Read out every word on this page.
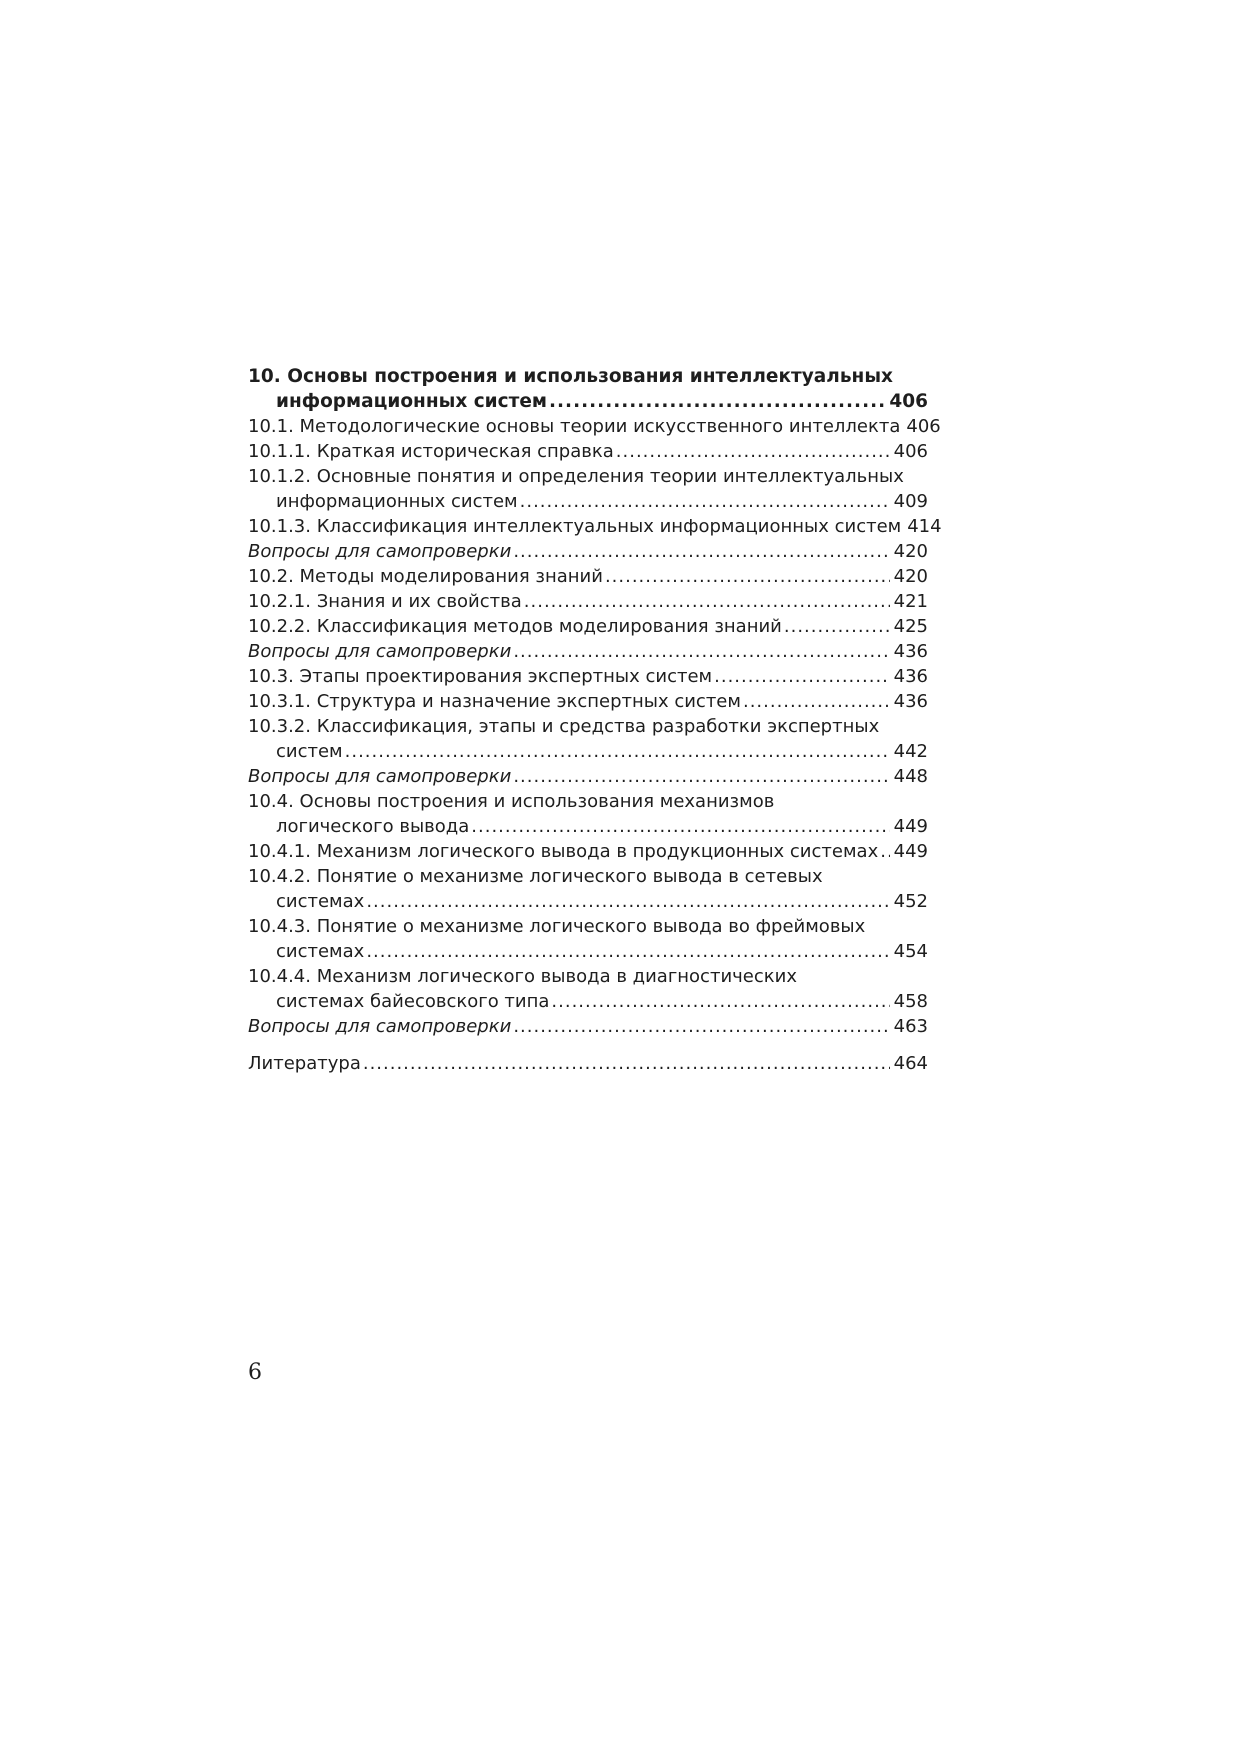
10. Основы построения и использования интеллектуальных
информационных систем .....	406
10.1. Методологические основы теории искусственного интеллекта 406
10.1.1. Краткая историческая справка .....	406
10.1.2. Основные понятия и определения теории интеллектуальных
информационных систем .....	409
10.1.3. Классификация интеллектуальных информационных систем 414
Вопросы для самопроверки .....	420
10.2. Методы моделирования знаний .....	420
10.2.1. Знания и их свойства .....	421
10.2.2. Классификация методов моделирования знаний .....	425
Вопросы для самопроверки .....	436
10.3. Этапы проектирования экспертных систем .....	436
10.3.1. Структура и назначение экспертных систем .....	436
10.3.2. Классификация, этапы и средства разработки экспертных
систем .....	442
Вопросы для самопроверки .....	448
10.4. Основы построения и использования механизмов
логического вывода .....	449
10.4.1. Механизм логического вывода в продукционных системах ..... 449
10.4.2. Понятие о механизме логического вывода в сетевых
системах .....	452
10.4.3. Понятие о механизме логического вывода во фреймовых
системах .....	454
10.4.4. Механизм логического вывода в диагностических
системах байесовского типа .....	458
Вопросы для самопроверки .....	463
Литература .....	464
6
